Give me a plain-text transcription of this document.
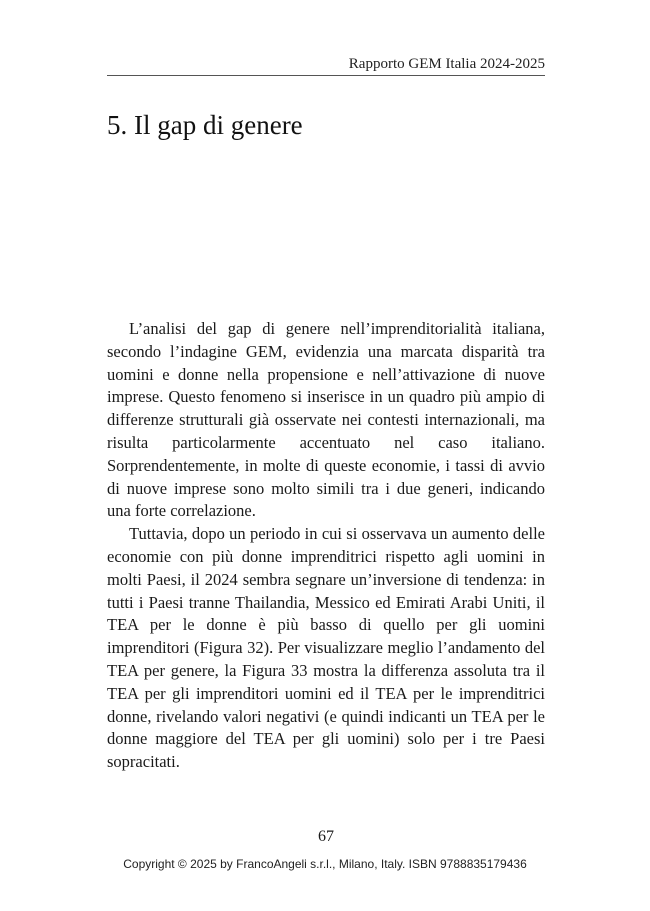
Rapporto GEM Italia 2024-2025
5. Il gap di genere

L’analisi del gap di genere nell’imprenditorialità italiana, secondo l’indagine GEM, evidenzia una marcata disparità tra uomini e donne nella propensione e nell’attivazione di nuove imprese. Questo fenomeno si inserisce in un quadro più ampio di differenze strutturali già osservate nei contesti internazionali, ma risulta particolarmente accentuato nel caso italiano. Sorprendentemente, in molte di queste economie, i tassi di avvio di nuove imprese sono molto simili tra i due generi, indicando una forte correlazione.

Tuttavia, dopo un periodo in cui si osservava un aumento delle economie con più donne imprenditrici rispetto agli uomini in molti Paesi, il 2024 sembra segnare un’inversione di tendenza: in tutti i Paesi tranne Thailandia, Messico ed Emirati Arabi Uniti, il TEA per le donne è più basso di quello per gli uomini imprenditori (Figura 32). Per visualizzare meglio l’andamento del TEA per genere, la Figura 33 mostra la differenza assoluta tra il TEA per gli imprenditori uomini ed il TEA per le imprenditrici donne, rivelando valori negativi (e quindi indicanti un TEA per le donne maggiore del TEA per gli uomini) solo per i tre Paesi sopracitati.

67
Copyright © 2025 by FrancoAngeli s.r.l., Milano, Italy. ISBN 9788835179436
